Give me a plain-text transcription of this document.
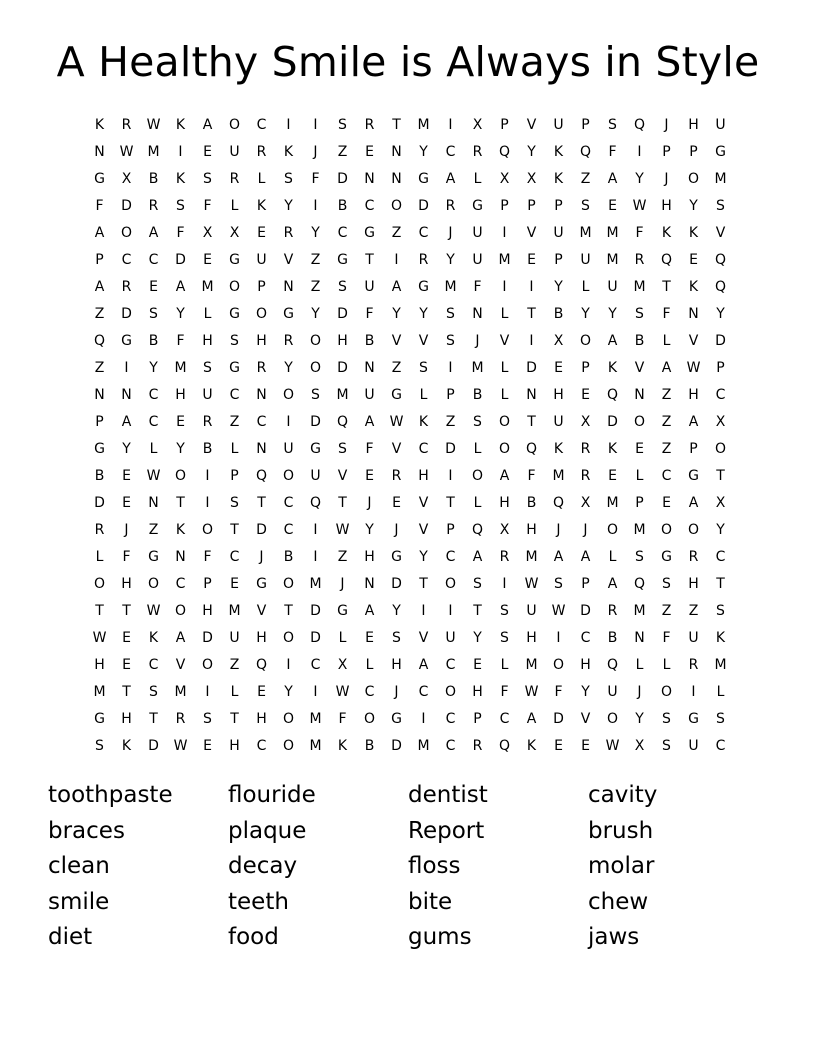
A Healthy Smile is Always in Style
K	R	W	K	A	O	C	I	I	S	R	T	M	I	X	P	V	U	P	S	Q	J	H	U
N	W	M	I	E	U	R	K	J	Z	E	N	Y	C	R	Q	Y	K	Q	F	I	P	P	G
G	X	B	K	S	R	L	S	F	D	N	N	G	A	L	X	X	K	Z	A	Y	J	O	M
F	D	R	S	F	L	K	Y	I	B	C	O	D	R	G	P	P	P	S	E	W	H	Y	S
A	O	A	F	X	X	E	R	Y	C	G	Z	C	J	U	I	V	U	M	M	F	K	K	V
P	C	C	D	E	G	U	V	Z	G	T	I	R	Y	U	M	E	P	U	M	R	Q	E	Q
A	R	E	A	M	O	P	N	Z	S	U	A	G	M	F	I	I	Y	L	U	M	T	K	Q
Z	D	S	Y	L	G	O	G	Y	D	F	Y	Y	S	N	L	T	B	Y	Y	S	F	N	Y
Q	G	B	F	H	S	H	R	O	H	B	V	V	S	J	V	I	X	O	A	B	L	V	D
Z	I	Y	M	S	G	R	Y	O	D	N	Z	S	I	M	L	D	E	P	K	V	A	W	P
N	N	C	H	U	C	N	O	S	M	U	G	L	P	B	L	N	H	E	Q	N	Z	H	C
P	A	C	E	R	Z	C	I	D	Q	A	W	K	Z	S	O	T	U	X	D	O	Z	A	X
G	Y	L	Y	B	L	N	U	G	S	F	V	C	D	L	O	Q	K	R	K	E	Z	P	O
B	E	W	O	I	P	Q	O	U	V	E	R	H	I	O	A	F	M	R	E	L	C	G	T
D	E	N	T	I	S	T	C	Q	T	J	E	V	T	L	H	B	Q	X	M	P	E	A	X
R	J	Z	K	O	T	D	C	I	W	Y	J	V	P	Q	X	H	J	J	O	M	O	O	Y
L	F	G	N	F	C	J	B	I	Z	H	G	Y	C	A	R	M	A	A	L	S	G	R	C
O	H	O	C	P	E	G	O	M	J	N	D	T	O	S	I	W	S	P	A	Q	S	H	T
T	T	W	O	H	M	V	T	D	G	A	Y	I	I	T	S	U	W	D	R	M	Z	Z	S
W	E	K	A	D	U	H	O	D	L	E	S	V	U	Y	S	H	I	C	B	N	F	U	K
H	E	C	V	O	Z	Q	I	C	X	L	H	A	C	E	L	M	O	H	Q	L	L	R	M
M	T	S	M	I	L	E	Y	I	W	C	J	C	O	H	F	W	F	Y	U	J	O	I	L
G	H	T	R	S	T	H	O	M	F	O	G	I	C	P	C	A	D	V	O	Y	S	G	S
S	K	D	W	E	H	C	O	M	K	B	D	M	C	R	Q	K	E	E	W	X	S	U	C
toothpaste	flouride	dentist	cavity
braces	plaque	Report	brush
clean	decay	floss	molar
smile	teeth	bite	chew
diet	food	gums	jaws
